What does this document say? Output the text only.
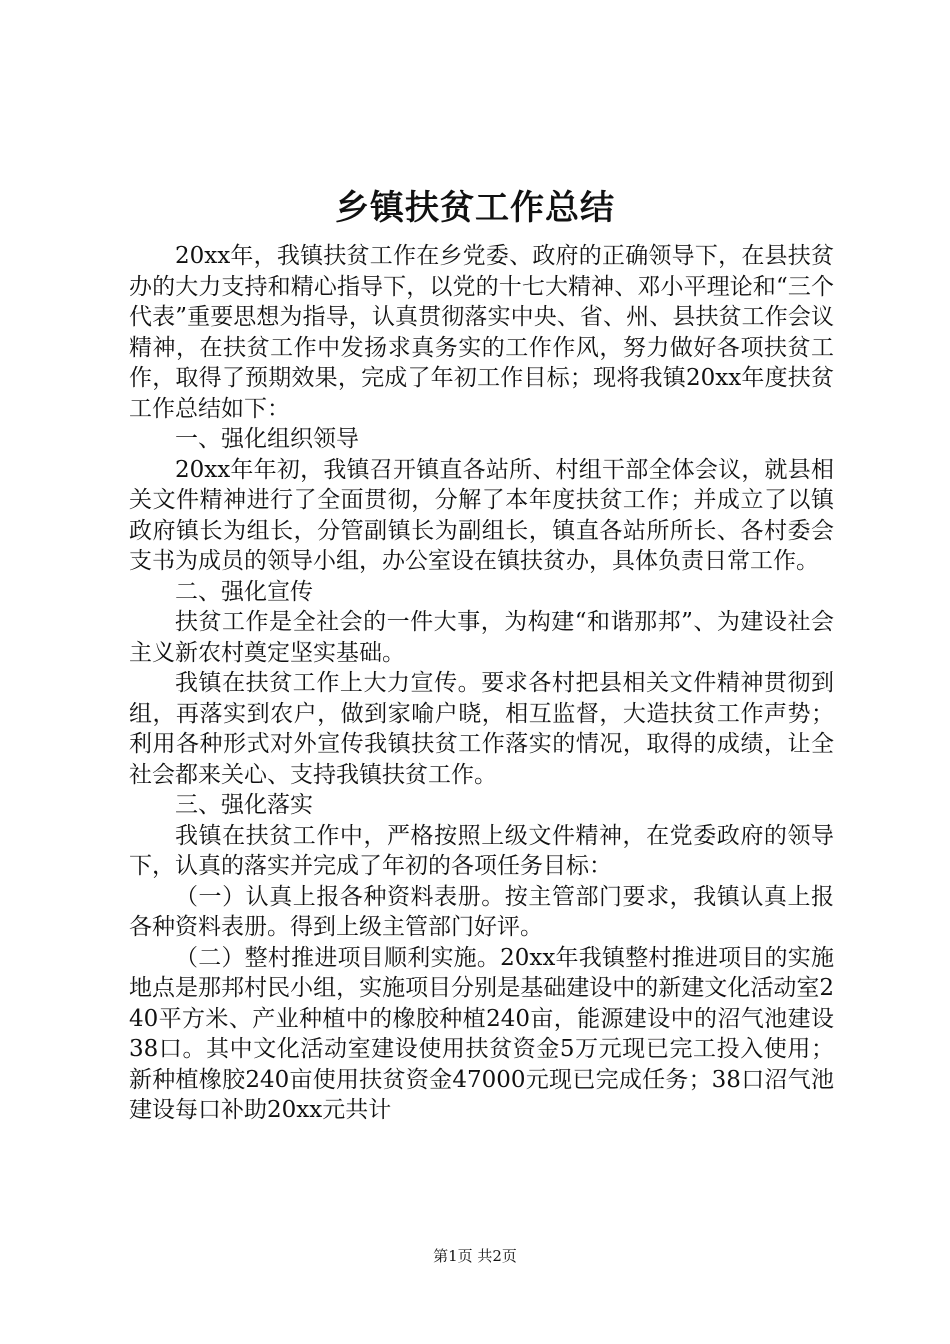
乡镇扶贫工作总结

20xx年，我镇扶贫工作在乡党委、政府的正确领导下，在县扶贫办的大力支持和精心指导下，以党的十七大精神、邓小平理论和“三个代表”重要思想为指导，认真贯彻落实中央、省、州、县扶贫工作会议精神，在扶贫工作中发扬求真务实的工作作风，努力做好各项扶贫工作，取得了预期效果，完成了年初工作目标；现将我镇20xx年度扶贫工作总结如下：

一、强化组织领导

20xx年年初，我镇召开镇直各站所、村组干部全体会议，就县相关文件精神进行了全面贯彻，分解了本年度扶贫工作；并成立了以镇政府镇长为组长，分管副镇长为副组长，镇直各站所所长、各村委会支书为成员的领导小组，办公室设在镇扶贫办，具体负责日常工作。

二、强化宣传

扶贫工作是全社会的一件大事，为构建“和谐那邦”、为建设社会主义新农村奠定坚实基础。

我镇在扶贫工作上大力宣传。要求各村把县相关文件精神贯彻到组，再落实到农户，做到家喻户晓，相互监督，大造扶贫工作声势；利用各种形式对外宣传我镇扶贫工作落实的情况，取得的成绩，让全社会都来关心、支持我镇扶贫工作。

三、强化落实

我镇在扶贫工作中，严格按照上级文件精神，在党委政府的领导下，认真的落实并完成了年初的各项任务目标：

（一）认真上报各种资料表册。按主管部门要求，我镇认真上报各种资料表册。得到上级主管部门好评。

（二）整村推进项目顺利实施。20xx年我镇整村推进项目的实施地点是那邦村民小组，实施项目分别是基础建设中的新建文化活动室240平方米、产业种植中的橡胶种植240亩，能源建设中的沼气池建设38口。其中文化活动室建设使用扶贫资金5万元现已完工投入使用；新种植橡胶240亩使用扶贫资金47000元现已完成任务；38口沼气池建设每口补助20xx元共计

第1页 共2页
